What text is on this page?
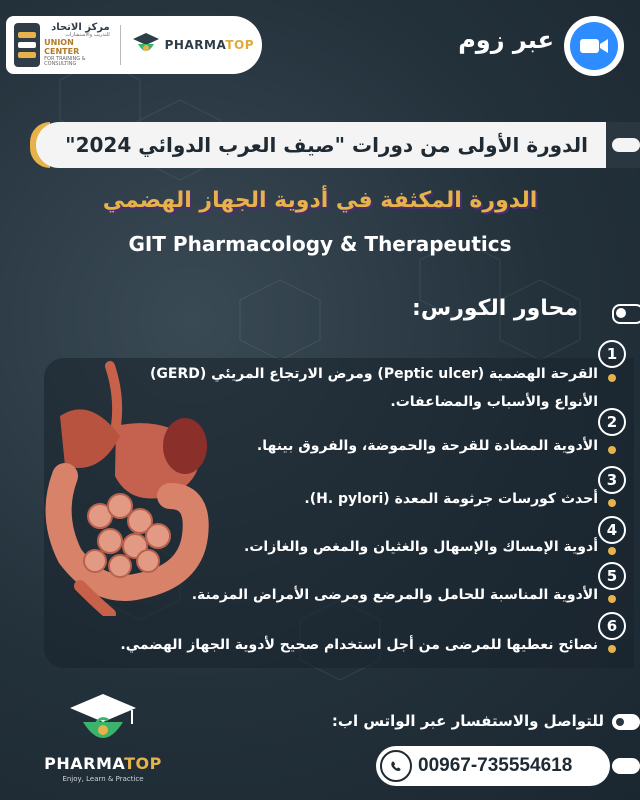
مركز الاتحاد
للتدريب والاستشارات
UNION CENTER
FOR TRAINING & CONSULTING
PHARMATOP	عبر زوم
الدورة الأولى من دورات "صيف العرب الدوائي 2024"
الدورة المكثفة في أدوية الجهاز الهضمي
GIT Pharmacology & Therapeutics
محاور الكورس:
1
القرحة الهضمية (Peptic ulcer) ومرض الارتجاع المريئي (GERD)
الأنواع والأسباب والمضاعفات.
2
الأدوية المضادة للقرحة والحموضة، والفروق بينها.
3
أحدث كورسات جرثومة المعدة (H. pylori).
4
أدوية الإمساك والإسهال والغثيان والمغص والغازات.
5
الأدوية المناسبة للحامل والمرضع ومرضى الأمراض المزمنة.
6
نصائح نعطيها للمرضى من أجل استخدام صحيح لأدوية الجهاز الهضمي.
PHARMATOP
Enjoy, Learn & Practice
للتواصل والاستفسار عبر الواتس اب:
00967-735554618
